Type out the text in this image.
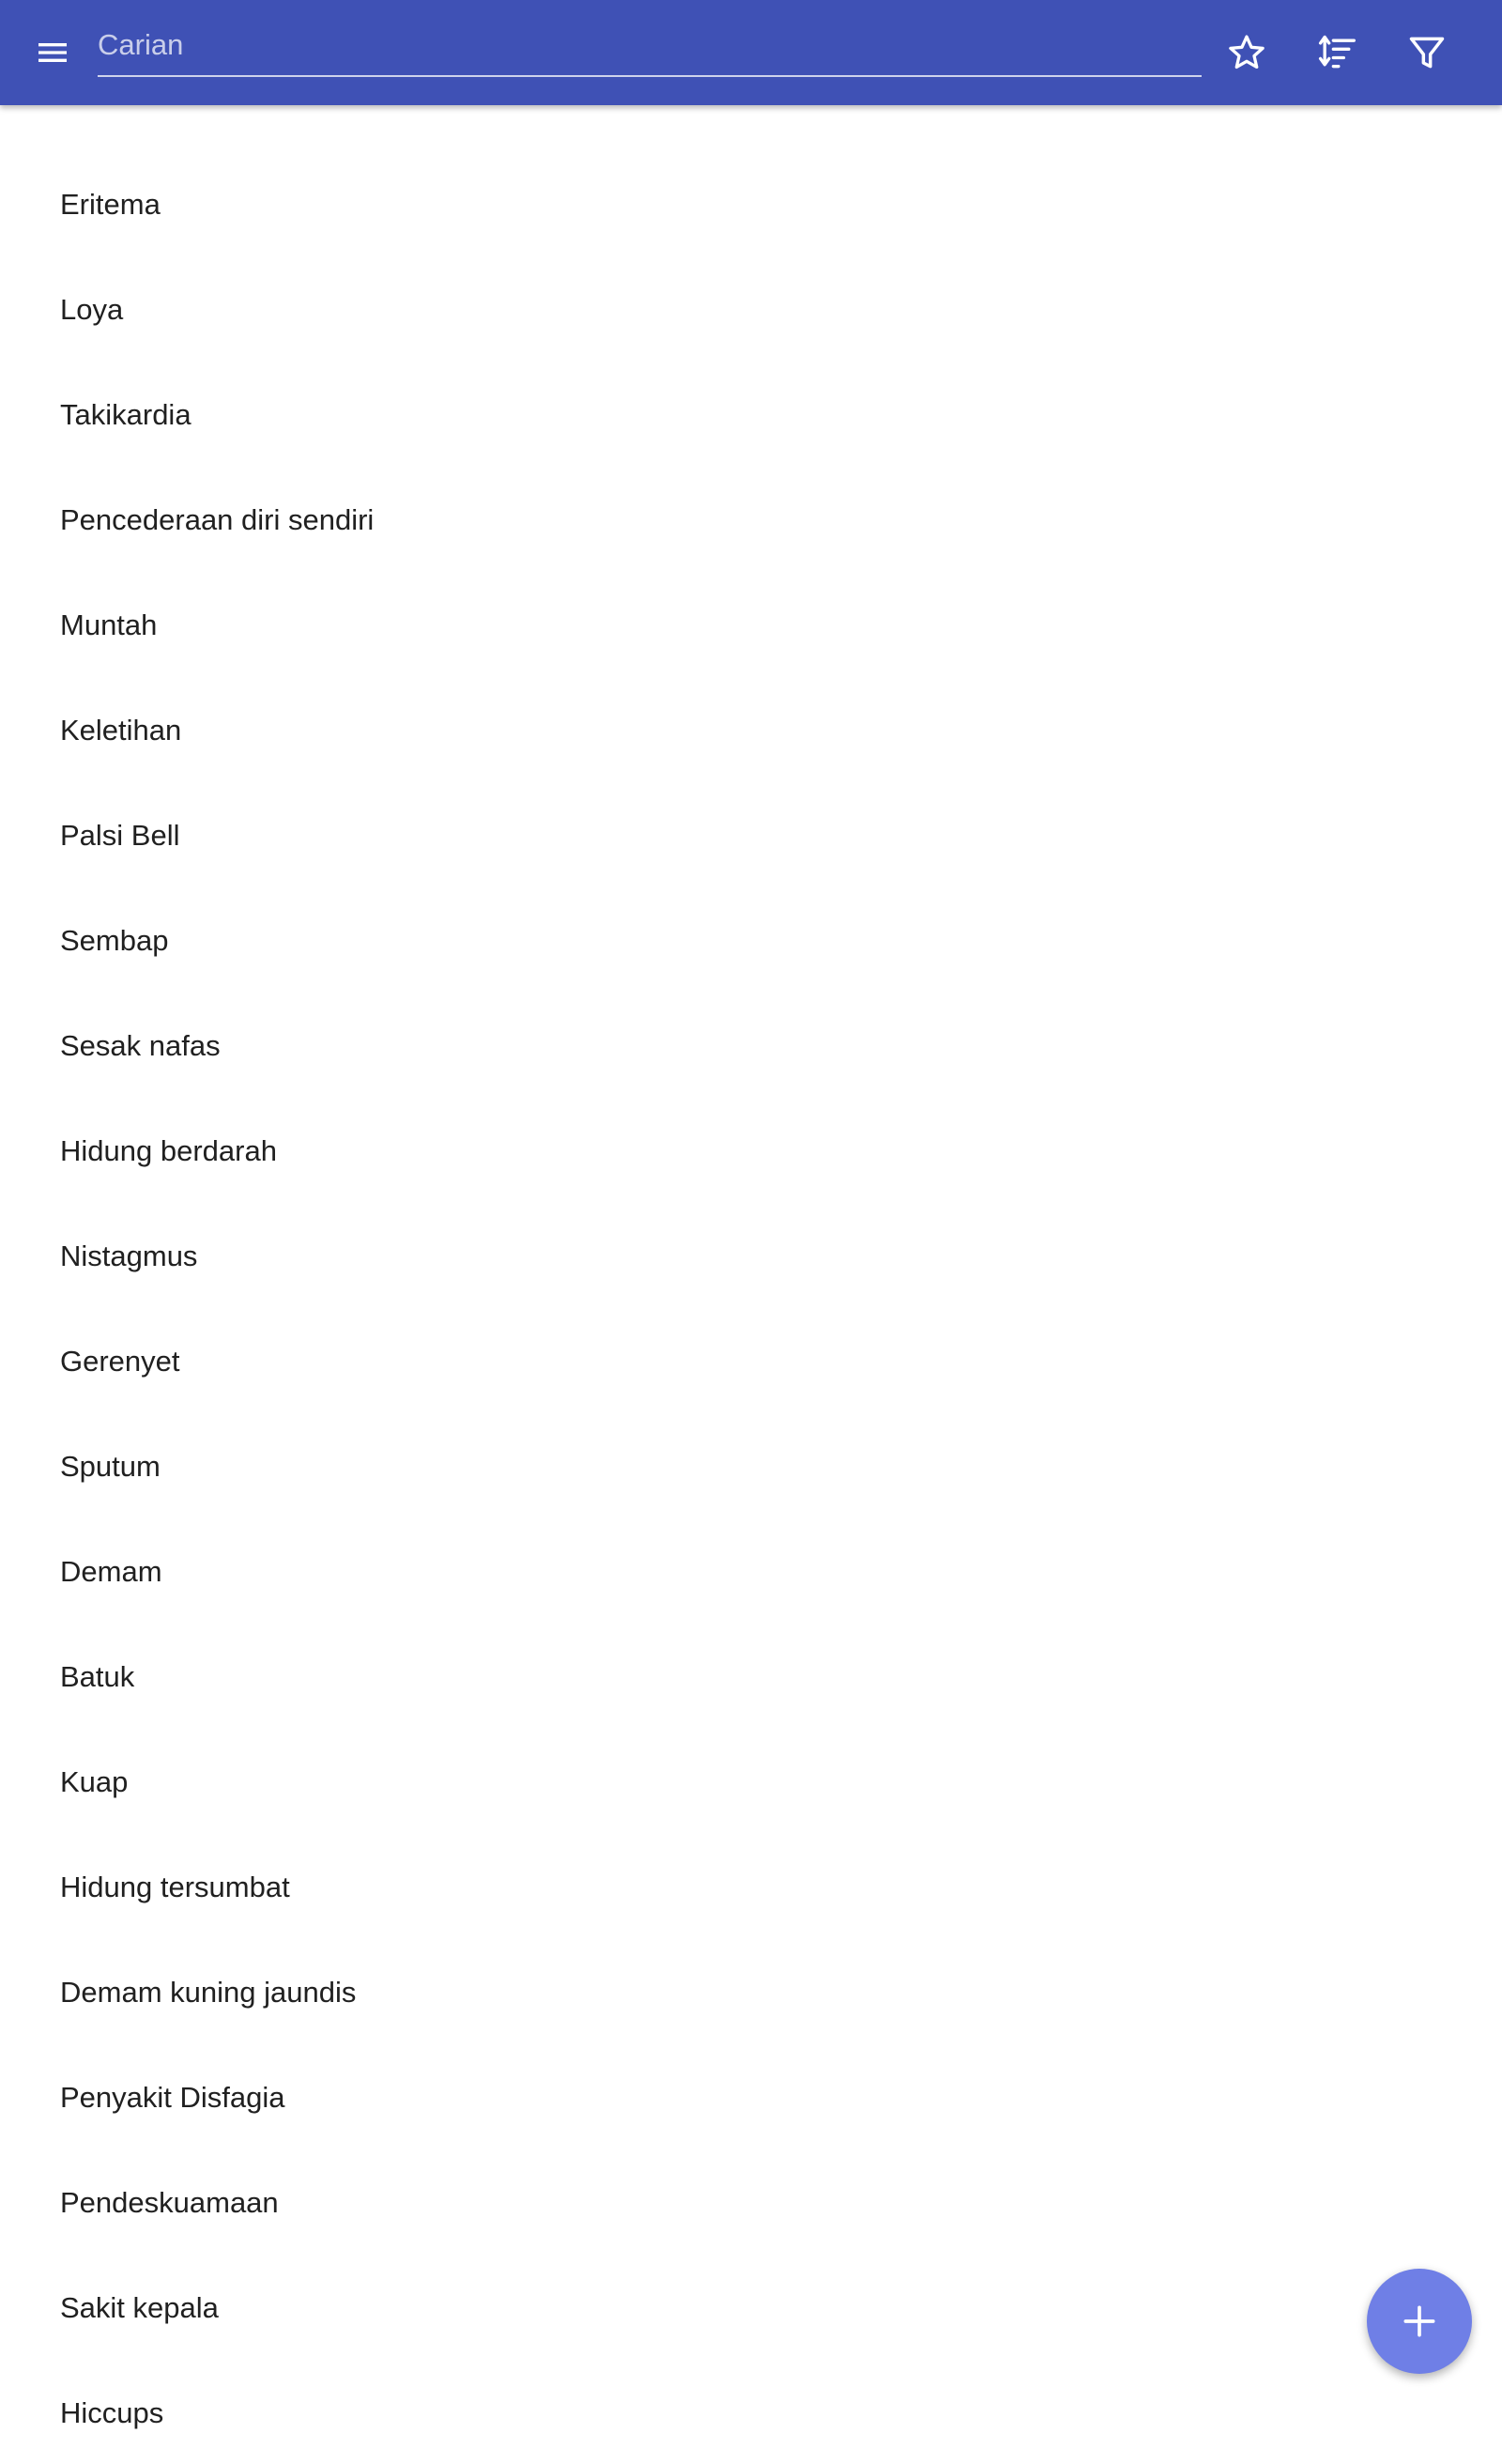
Carian
Eritema
Loya
Takikardia
Pencederaan diri sendiri
Muntah
Keletihan
Palsi Bell
Sembap
Sesak nafas
Hidung berdarah
Nistagmus
Gerenyet
Sputum
Demam
Batuk
Kuap
Hidung tersumbat
Demam kuning jaundis
Penyakit Disfagia
Pendeskuamaan
Sakit kepala
Hiccups
